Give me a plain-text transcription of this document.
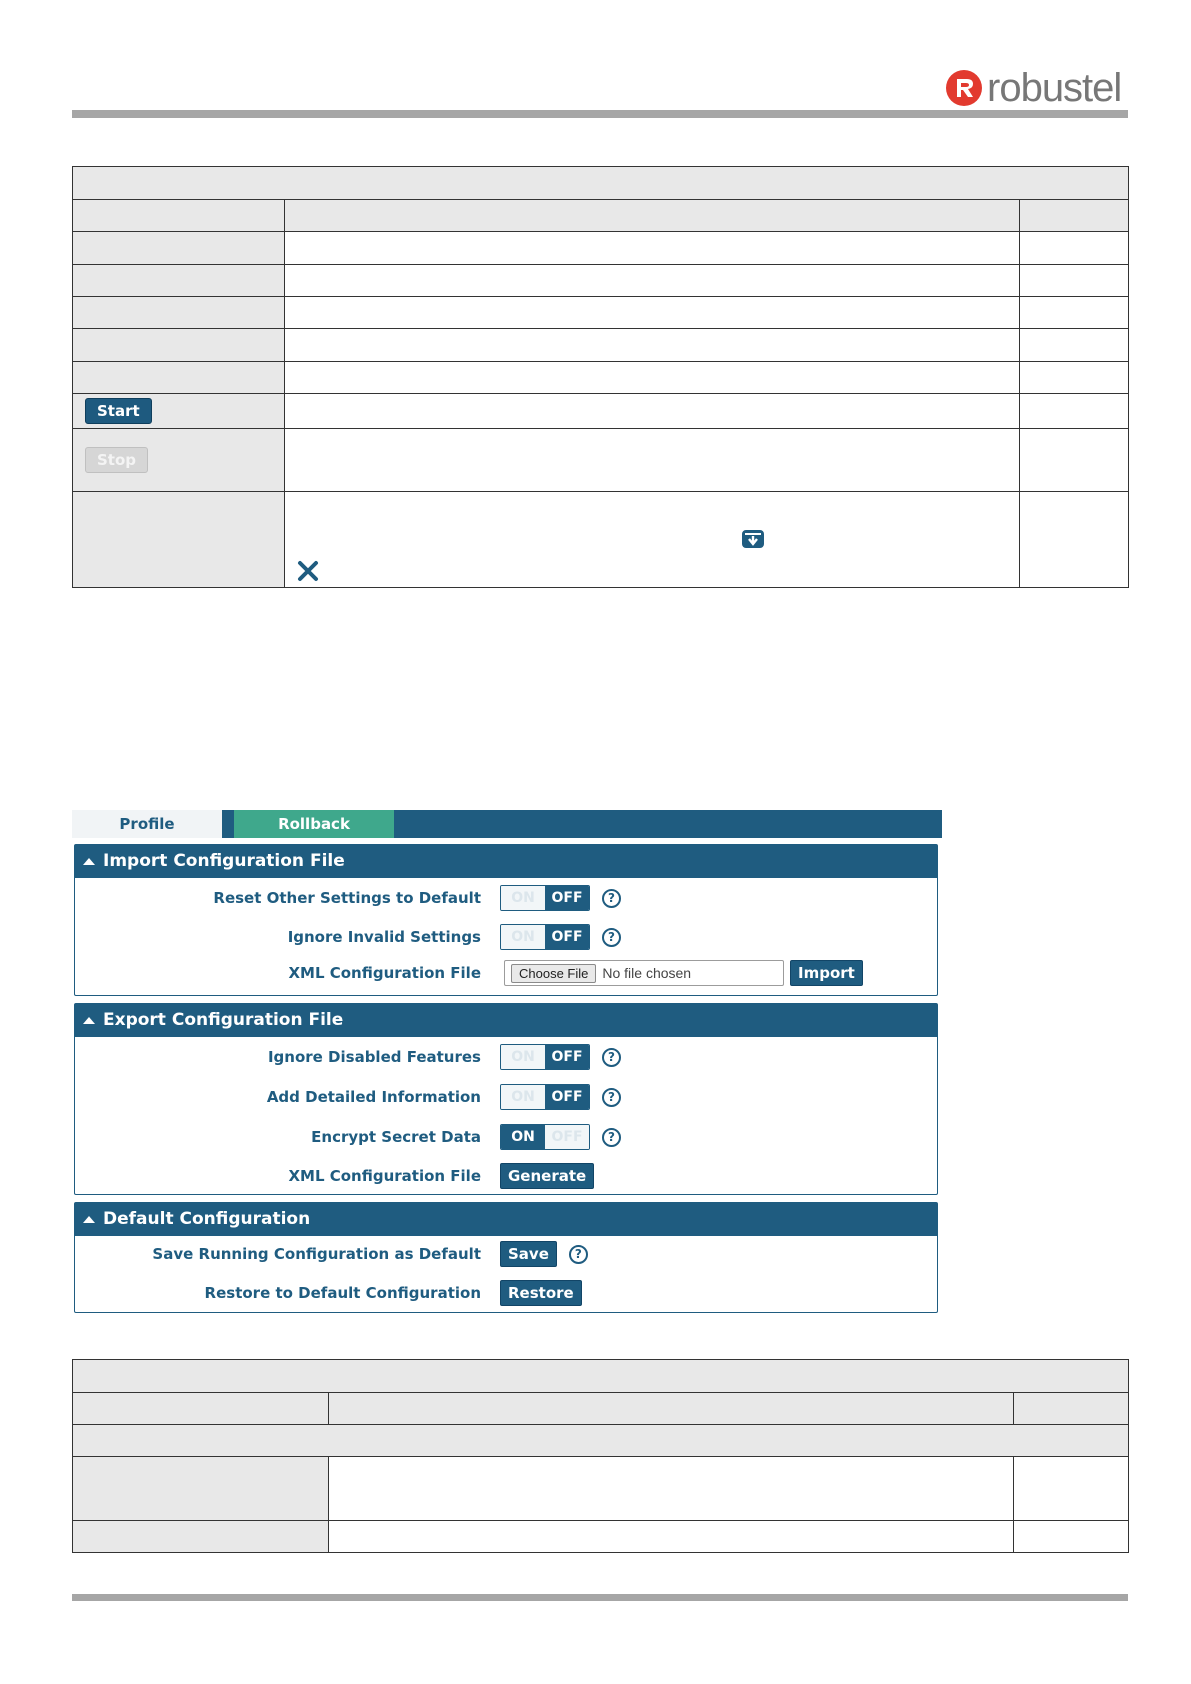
robustel

Start		
Stop		

Profile	Rollback
Import Configuration File
Reset Other Settings to Default	ON	OFF	?
Ignore Invalid Settings	ON	OFF	?
XML Configuration File	Choose File	No file chosen	Import
Export Configuration File
Ignore Disabled Features	ON	OFF	?
Add Detailed Information	ON	OFF	?
Encrypt Secret Data	ON	OFF	?
XML Configuration File	Generate
Default Configuration
Save Running Configuration as Default	Save	?
Restore to Default Configuration	Restore
